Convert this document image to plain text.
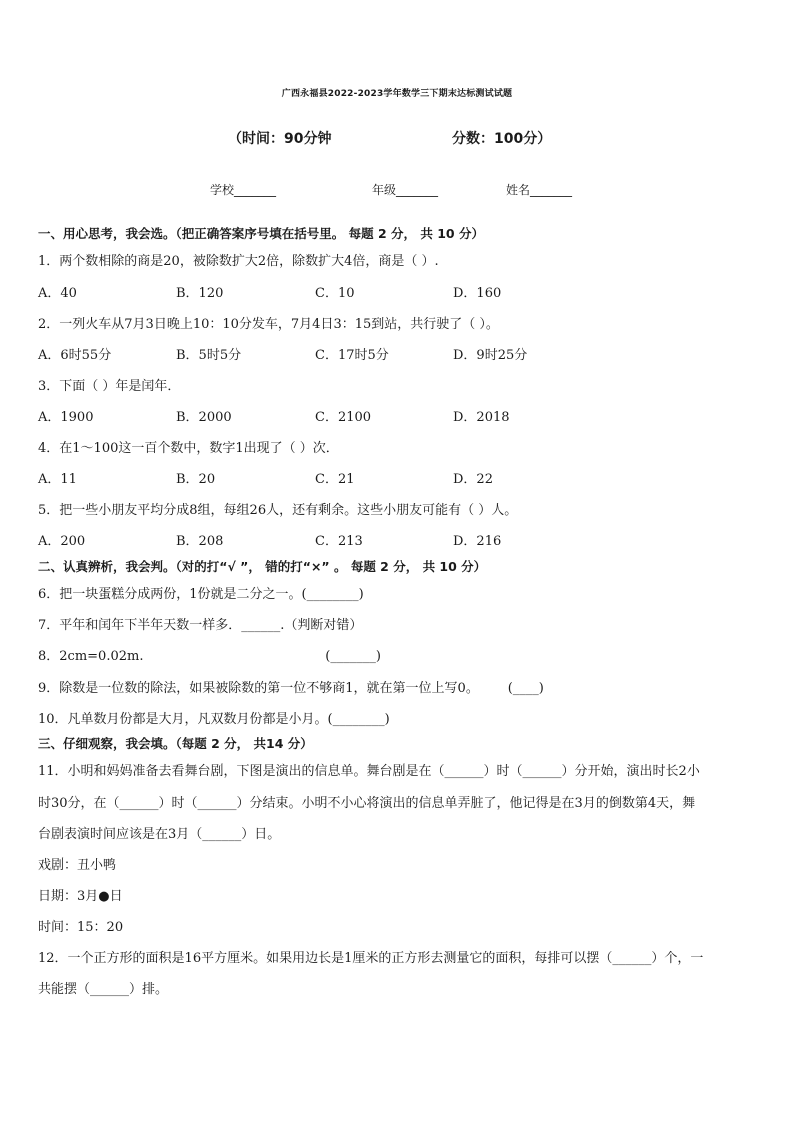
广西永福县2022-2023学年数学三下期末达标测试试题
（时间：90分钟	分数：100分）
学校_______	年级_______	姓名_______
一、用心思考，我会选。（把正确答案序号填在括号里。 每题 2 分， 共 10 分）
1．两个数相除的商是20，被除数扩大2倍，除数扩大4倍，商是（ ）.
A．40	B．120	C．10	D．160
2．一列火车从7月3日晚上10：10分发车，7月4日3：15到站，共行驶了（ ）。
A．6时55分	B．5时5分	C．17时5分	D．9时25分
3．下面（ ）年是闰年．
A．1900	B．2000	C．2100	D．2018
4．在1～100这一百个数中，数字1出现了（ ）次．
A．11	B．20	C．21	D．22
5．把一些小朋友平均分成8组，每组26人，还有剩余。这些小朋友可能有（ ）人。
A．200	B．208	C．213	D．216
二、认真辨析，我会判。（对的打“√ ”， 错的打“×” 。 每题 2 分， 共 10 分）
6．把一块蛋糕分成两份，1份就是二分之一。(________)
7．平年和闰年下半年天数一样多．______.（判断对错）
8．2cm=0.02m.                                            (_______)
9．除数是一位数的除法，如果被除数的第一位不够商1，就在第一位上写0。       (____)
10．凡单数月份都是大月，凡双数月份都是小月。(________)
三、仔细观察，我会填。（每题 2 分， 共14 分）
11．小明和妈妈准备去看舞台剧，下图是演出的信息单。舞台剧是在（______）时（______）分开始，演出时长2小
时30分，在（______）时（______）分结束。小明不小心将演出的信息单弄脏了，他记得是在3月的倒数第4天，舞
台剧表演时间应该是在3月（______）日。
戏剧：丑小鸭
日期：3月●日
时间：15：20
12．一个正方形的面积是16平方厘米。如果用边长是1厘米的正方形去测量它的面积，每排可以摆（______）个，一
共能摆（______）排。
